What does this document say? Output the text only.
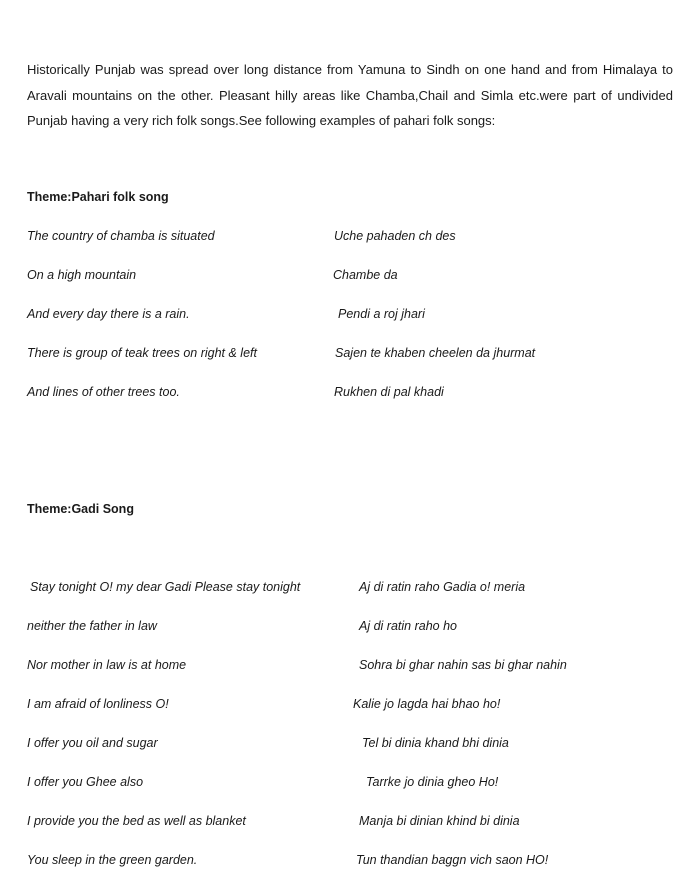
Historically Punjab was spread over long distance from Yamuna to Sindh on one hand and from Himalaya to Aravali mountains on the other. Pleasant hilly areas like Chamba,Chail and Simla etc.were part of undivided Punjab having a very rich folk songs.See following examples of pahari folk songs:

Theme:Pahari folk song

The country of chamba is situated	Uche pahaden ch des

On a high mountain	Chambe da

And every day there is a rain.	Pendi a roj jhari

There is group of teak trees on right & left	Sajen te khaben cheelen da jhurmat

And lines of other trees too.	Rukhen di pal khadi

Theme:Gadi Song

Stay tonight O! my dear Gadi Please stay tonight	Aj di ratin raho Gadia o! meria

neither the father in law	Aj di ratin raho ho

Nor mother in law is at home	Sohra bi ghar nahin sas bi ghar nahin

I am afraid of lonliness O!	Kalie jo lagda hai bhao ho!

I offer you oil and sugar	Tel bi dinia khand bhi dinia

I offer you Ghee also	Tarrke jo dinia gheo Ho!

I provide you the bed as well as blanket	Manja bi dinian khind bi dinia

You sleep in the green garden.	Tun thandian baggn vich saon HO!
